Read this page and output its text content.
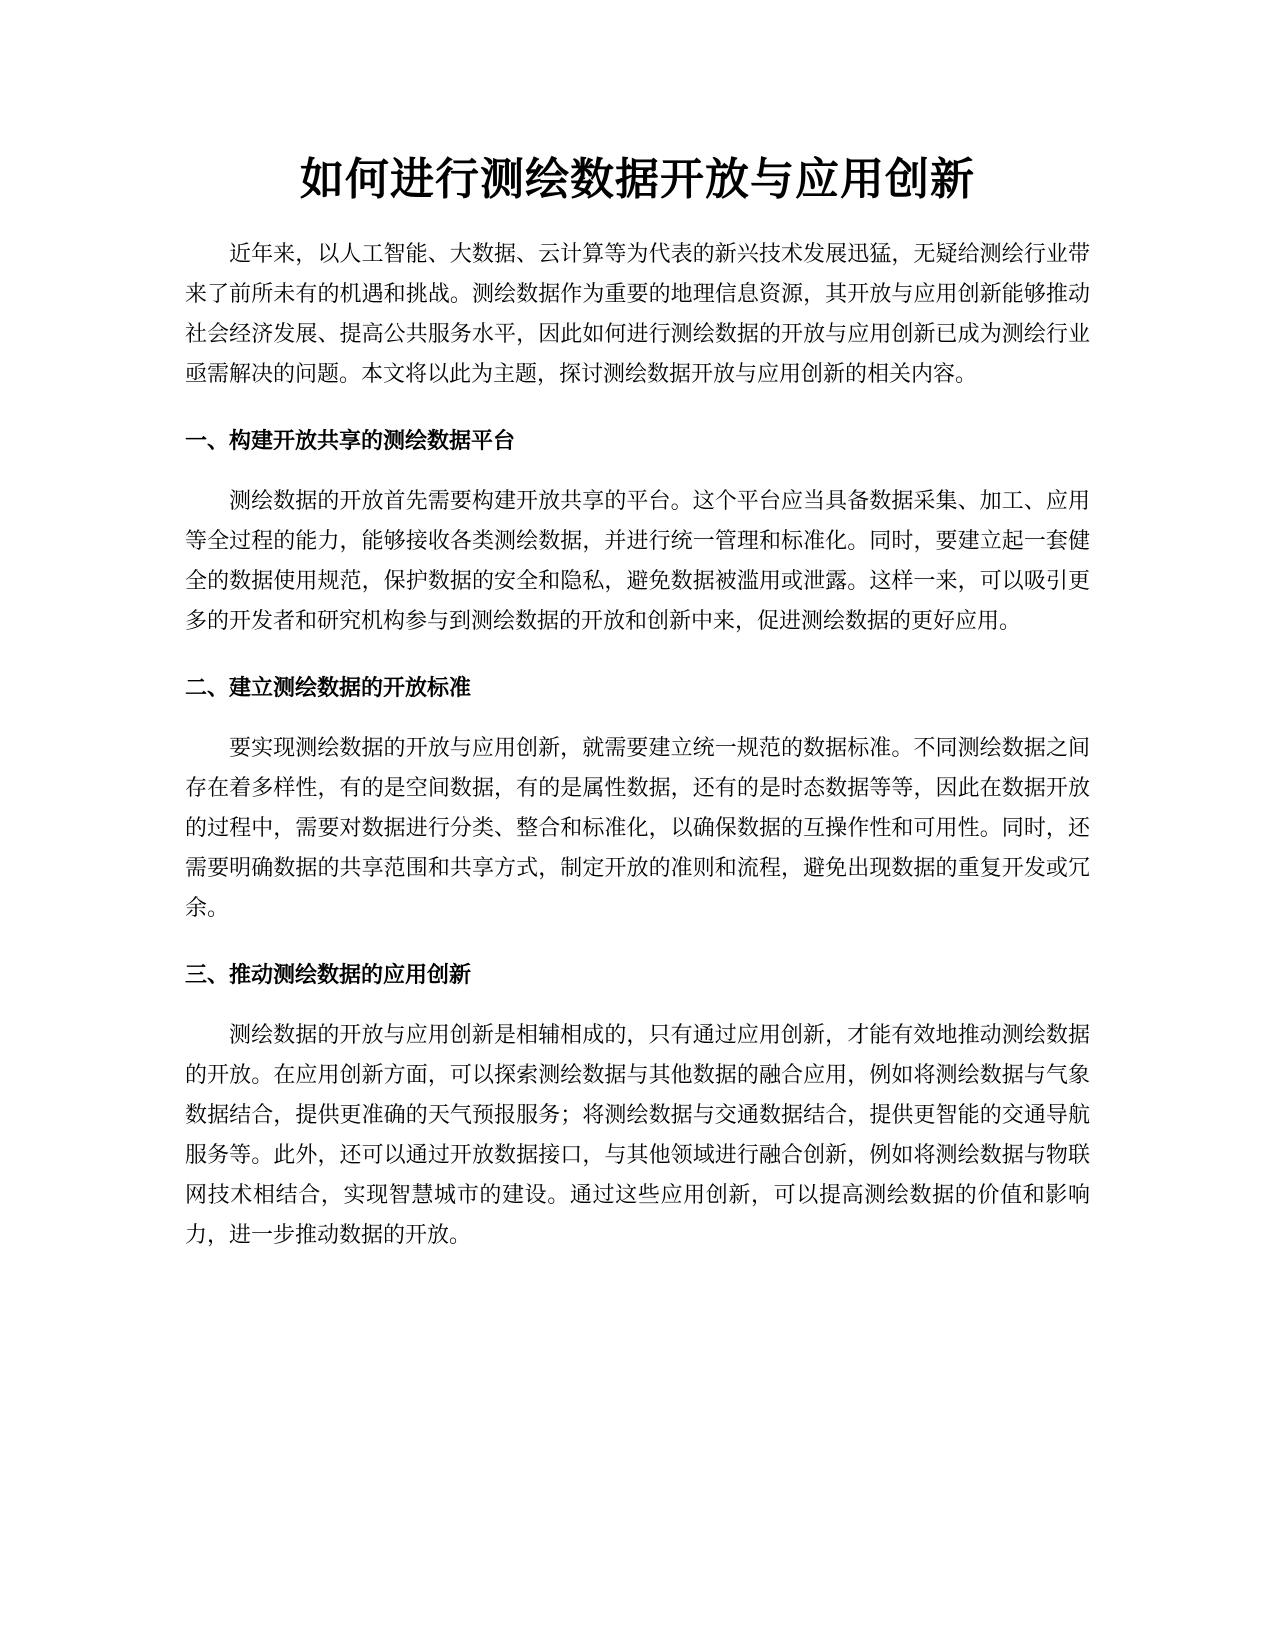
如何进行测绘数据开放与应用创新

近年来，以人工智能、大数据、云计算等为代表的新兴技术发展迅猛，无疑给测绘行业带来了前所未有的机遇和挑战。测绘数据作为重要的地理信息资源，其开放与应用创新能够推动社会经济发展、提高公共服务水平，因此如何进行测绘数据的开放与应用创新已成为测绘行业亟需解决的问题。本文将以此为主题，探讨测绘数据开放与应用创新的相关内容。

一、构建开放共享的测绘数据平台

测绘数据的开放首先需要构建开放共享的平台。这个平台应当具备数据采集、加工、应用等全过程的能力，能够接收各类测绘数据，并进行统一管理和标准化。同时，要建立起一套健全的数据使用规范，保护数据的安全和隐私，避免数据被滥用或泄露。这样一来，可以吸引更多的开发者和研究机构参与到测绘数据的开放和创新中来，促进测绘数据的更好应用。

二、建立测绘数据的开放标准

要实现测绘数据的开放与应用创新，就需要建立统一规范的数据标准。不同测绘数据之间存在着多样性，有的是空间数据，有的是属性数据，还有的是时态数据等等，因此在数据开放的过程中，需要对数据进行分类、整合和标准化，以确保数据的互操作性和可用性。同时，还需要明确数据的共享范围和共享方式，制定开放的准则和流程，避免出现数据的重复开发或冗余。

三、推动测绘数据的应用创新

测绘数据的开放与应用创新是相辅相成的，只有通过应用创新，才能有效地推动测绘数据的开放。在应用创新方面，可以探索测绘数据与其他数据的融合应用，例如将测绘数据与气象数据结合，提供更准确的天气预报服务；将测绘数据与交通数据结合，提供更智能的交通导航服务等。此外，还可以通过开放数据接口，与其他领域进行融合创新，例如将测绘数据与物联网技术相结合，实现智慧城市的建设。通过这些应用创新，可以提高测绘数据的价值和影响力，进一步推动数据的开放。
